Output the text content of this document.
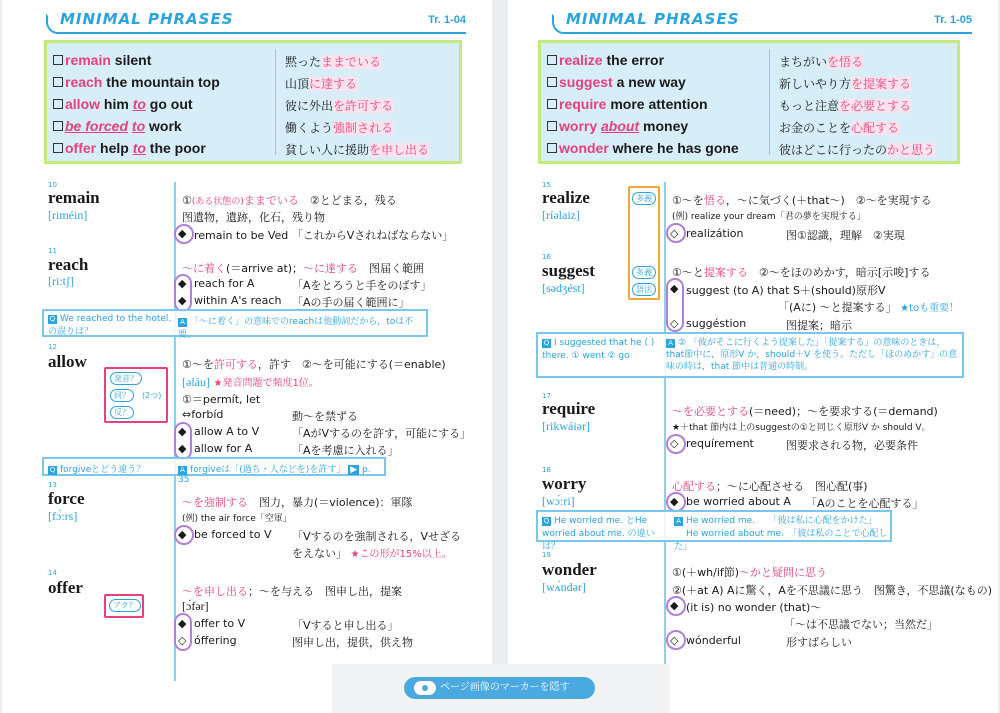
MINIMAL PHRASES	Tr. 1-04
remain silent	黙ったままでいる
reach the mountain top	山頂に達する
allow him to go out	彼に外出を許可する
be forced to work	働くよう強制される
offer help to the poor	貧しい人に援助を申し出る
10
remain
[riméin]
①(ある状態の)ままでいる　②とどまる，残る
图遺物，遺跡，化石，残り物
◆ remain to be Ved 「これからVされねばならない」
11
reach
[ri:tʃ]
～に着く(＝arrive at)；～に達する　图届く範囲
◆ reach for A	「Aをとろうと手をのばす」
◆ within A's reach 「Aの手の届く範囲に」
Q We reached to the hotel. の誤りは？
A 「～に着く」の意味でのreachは他動詞だから，toは不要。
12
allow
発音？
同？	(2つ)
反？
①～を許可する，許す　②～を可能にする(＝enable)
[əláu] ★発音問題で頻度1位。
①＝permít, let
⇔forbíd	動～を禁ずる
◆ allow A to V	「AがVするのを許す，可能にする」
◆ allow for A	「Aを考慮に入れる」
Q forgiveとどう違う？	A forgiveは「(過ち・人などを)を許す」 ▶ p. 35
13
force
[fɔ́:rs]
～を強制する　图力，暴力(＝violence)：軍隊
(例) the air force「空軍」
◆ be forced to V 「Vするのを強制される，Vせざる
をえない」 ★この形が15%以上。
14
offer
アク？
～を申し出る；～を与える　图申し出，提案
[ɔ́fər]
◆ offer to V	「Vすると申し出る」
◇ óffering	图申し出，提供，供え物
MINIMAL PHRASES	Tr. 1-05
realize the error	まちがいを悟る
suggest a new way	新しいやり方を提案する
require more attention	もっと注意を必要とする
worry about money	お金のことを心配する
wonder where he has gone	彼はどこに行ったのかと思う
15
realize
[ríəlaiz]
多義	①～を悟る，～に気づく(＋that～)　②～を実現する
(例) realize your dream「君の夢を実現する」
◇ realizátion	图①認識，理解　②実現
16
suggest
[sədʒést]
多義
語法
①～と提案する　②～をほのめかす，暗示[示唆]する
◆ suggest (to A) that S＋(should)原形V
「(Aに) ～と提案する」 ★toも重要！
◇ suggéstion	图提案；暗示
Q I suggested that he ( ) there. ① went ② go
A ② 「彼がそこに行くよう提案した」「提案する」の意味のときは，that節中に，原形V か，should＋V を使う。ただし「ほのめかす」の意味の時は，that 節中は普通の時制。
17
require
[rikwáiər]
～を必要とする(＝need)；～を要求する(＝demand)
★＋that 節内は上のsuggestの①と同じく原形V か should V。
◇ requírement	图要求される物，必要条件
18
worry
[wɔ́:ri]
心配する；～に心配させる　图心配(事)
◆ be worried about A 「Aのことを心配する」
Q He worried me. とHe worried about me. の違いは？
A He worried me.　　 「彼は私に心配をかけた」
He worried about me.　 「彼は私のことで心配した」
19
wonder
[wʌ́ndər]
①(＋wh/if節)～かと疑問に思う
②(＋at A) Aに驚く，Aを不思議に思う　图驚き，不思議(なもの)
◆ (it is) no wonder (that)～
「～は不思議でない；当然だ」
◇ wónderful	形すばらしい
ページ画像のマーカーを隠す
